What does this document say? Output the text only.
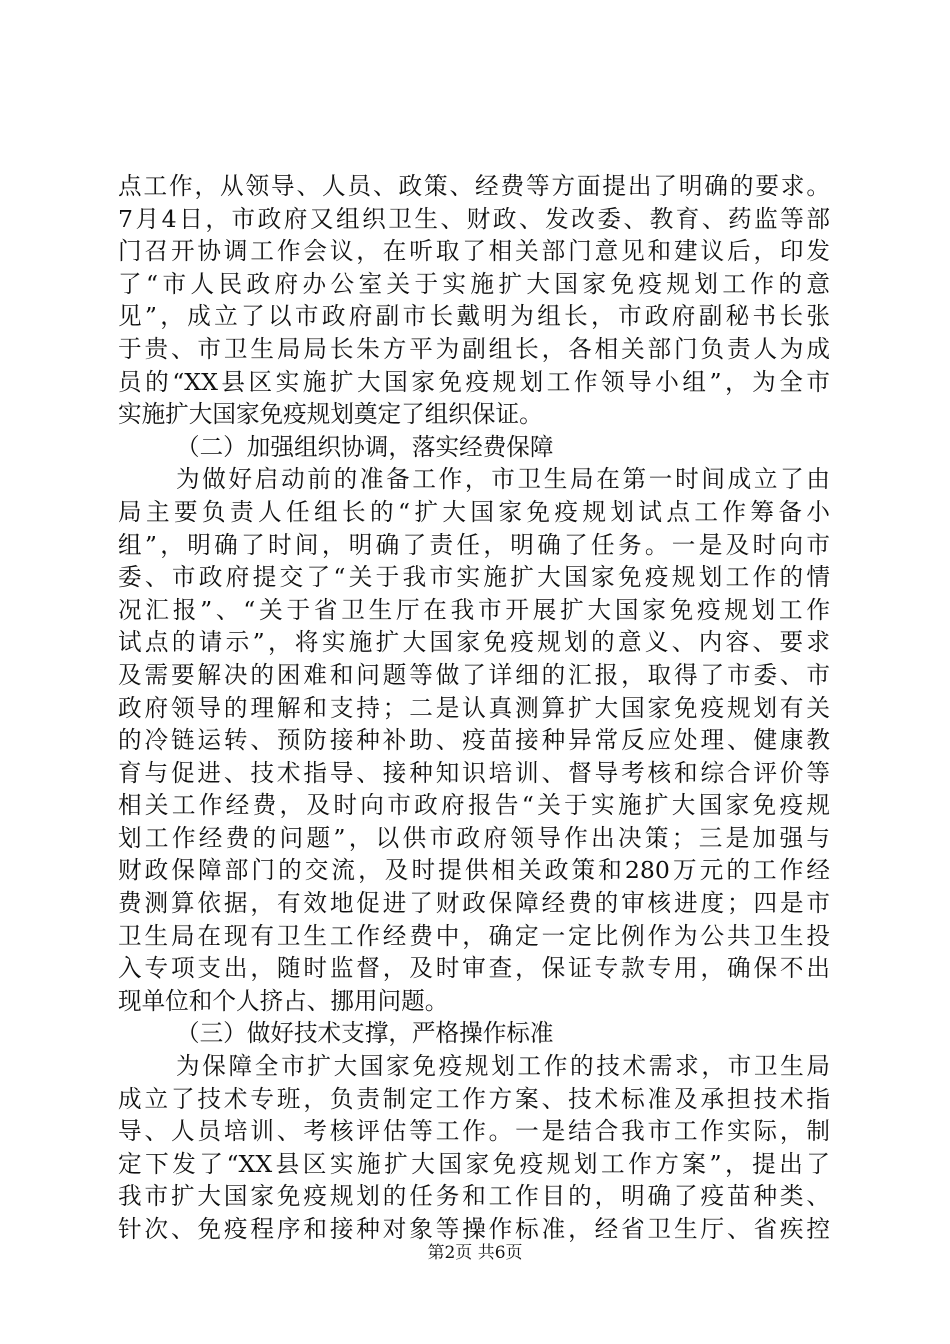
点工作，从领导、人员、政策、经费等方面提出了明确的要求。
7月4日，市政府又组织卫生、财政、发改委、教育、药监等部
门召开协调工作会议，在听取了相关部门意见和建议后，印发
了“市人民政府办公室关于实施扩大国家免疫规划工作的意
见”，成立了以市政府副市长戴明为组长，市政府副秘书长张
于贵、市卫生局局长朱方平为副组长，各相关部门负责人为成
员的“XX县区实施扩大国家免疫规划工作领导小组”，为全市
实施扩大国家免疫规划奠定了组织保证。
（二）加强组织协调，落实经费保障
为做好启动前的准备工作，市卫生局在第一时间成立了由
局主要负责人任组长的“扩大国家免疫规划试点工作筹备小
组”，明确了时间，明确了责任，明确了任务。一是及时向市
委、市政府提交了“关于我市实施扩大国家免疫规划工作的情
况汇报”、“关于省卫生厅在我市开展扩大国家免疫规划工作
试点的请示”，将实施扩大国家免疫规划的意义、内容、要求
及需要解决的困难和问题等做了详细的汇报，取得了市委、市
政府领导的理解和支持；二是认真测算扩大国家免疫规划有关
的冷链运转、预防接种补助、疫苗接种异常反应处理、健康教
育与促进、技术指导、接种知识培训、督导考核和综合评价等
相关工作经费，及时向市政府报告“关于实施扩大国家免疫规
划工作经费的问题”，以供市政府领导作出决策；三是加强与
财政保障部门的交流，及时提供相关政策和280万元的工作经
费测算依据，有效地促进了财政保障经费的审核进度；四是市
卫生局在现有卫生工作经费中，确定一定比例作为公共卫生投
入专项支出，随时监督，及时审查，保证专款专用，确保不出
现单位和个人挤占、挪用问题。
（三）做好技术支撑，严格操作标准
为保障全市扩大国家免疫规划工作的技术需求，市卫生局
成立了技术专班，负责制定工作方案、技术标准及承担技术指
导、人员培训、考核评估等工作。一是结合我市工作实际，制
定下发了“XX县区实施扩大国家免疫规划工作方案”，提出了
我市扩大国家免疫规划的任务和工作目的，明确了疫苗种类、
针次、免疫程序和接种对象等操作标准，经省卫生厅、省疾控
第2页 共6页
